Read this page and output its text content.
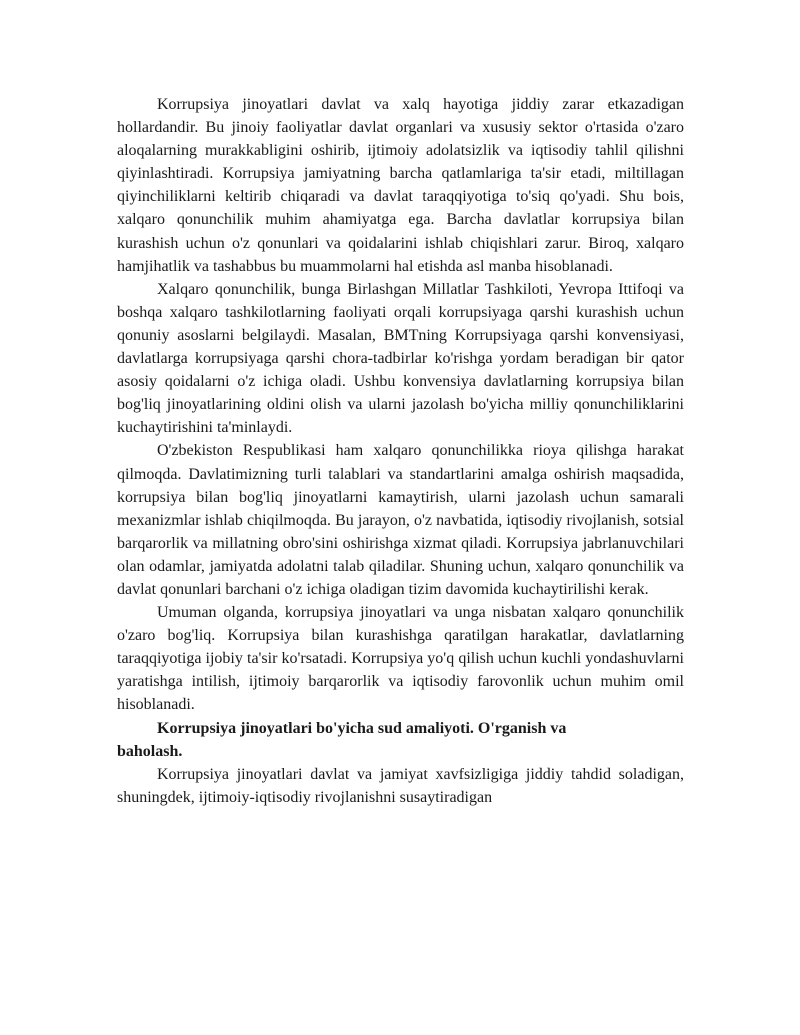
Korrupsiya jinoyatlari davlat va xalq hayotiga jiddiy zarar etkazadigan hollardandir. Bu jinoiy faoliyatlar davlat organlari va xususiy sektor o'rtasida o'zaro aloqalarning murakkabligini oshirib, ijtimoiy adolatsizlik va iqtisodiy tahlil qilishni qiyinlashtiradi. Korrupsiya jamiyatning barcha qatlamlariga ta'sir etadi, miltillagan qiyinchiliklarni keltirib chiqaradi va davlat taraqqiyotiga to'siq qo'yadi. Shu bois, xalqaro qonunchilik muhim ahamiyatga ega. Barcha davlatlar korrupsiya bilan kurashish uchun o'z qonunlari va qoidalarini ishlab chiqishlari zarur. Biroq, xalqaro hamjihatlik va tashabbus bu muammolarni hal etishda asl manba hisoblanadi.

Xalqaro qonunchilik, bunga Birlashgan Millatlar Tashkiloti, Yevropa Ittifoqi va boshqa xalqaro tashkilotlarning faoliyati orqali korrupsiyaga qarshi kurashish uchun qonuniy asoslarni belgilaydi. Masalan, BMTning Korrupsiyaga qarshi konvensiyasi, davlatlarga korrupsiyaga qarshi chora-tadbirlar ko'rishga yordam beradigan bir qator asosiy qoidalarni o'z ichiga oladi. Ushbu konvensiya davlatlarning korrupsiya bilan bog'liq jinoyatlarining oldini olish va ularni jazolash bo'yicha milliy qonunchiliklarini kuchaytirishini ta'minlaydi.

O'zbekiston Respublikasi ham xalqaro qonunchilikka rioya qilishga harakat qilmoqda. Davlatimizning turli talablari va standartlarini amalga oshirish maqsadida, korrupsiya bilan bog'liq jinoyatlarni kamaytirish, ularni jazolash uchun samarali mexanizmlar ishlab chiqilmoqda. Bu jarayon, o'z navbatida, iqtisodiy rivojlanish, sotsial barqarorlik va millatning obro'sini oshirishga xizmat qiladi. Korrupsiya jabrlanuvchilari olan odamlar, jamiyatda adolatni talab qiladilar. Shuning uchun, xalqaro qonunchilik va davlat qonunlari barchani o'z ichiga oladigan tizim davomida kuchaytirilishi kerak.

Umuman olganda, korrupsiya jinoyatlari va unga nisbatan xalqaro qonunchilik o'zaro bog'liq. Korrupsiya bilan kurashishga qaratilgan harakatlar, davlatlarning taraqqiyotiga ijobiy ta'sir ko'rsatadi. Korrupsiya yo'q qilish uchun kuchli yondashuvlarni yaratishga intilish, ijtimoiy barqarorlik va iqtisodiy farovonlik uchun muhim omil hisoblanadi.

Korrupsiya jinoyatlari bo'yicha sud amaliyoti. O'rganish va baholash.

Korrupsiya jinoyatlari davlat va jamiyat xavfsizligiga jiddiy tahdid soladigan, shuningdek, ijtimoiy-iqtisodiy rivojlanishni susaytiradigan
